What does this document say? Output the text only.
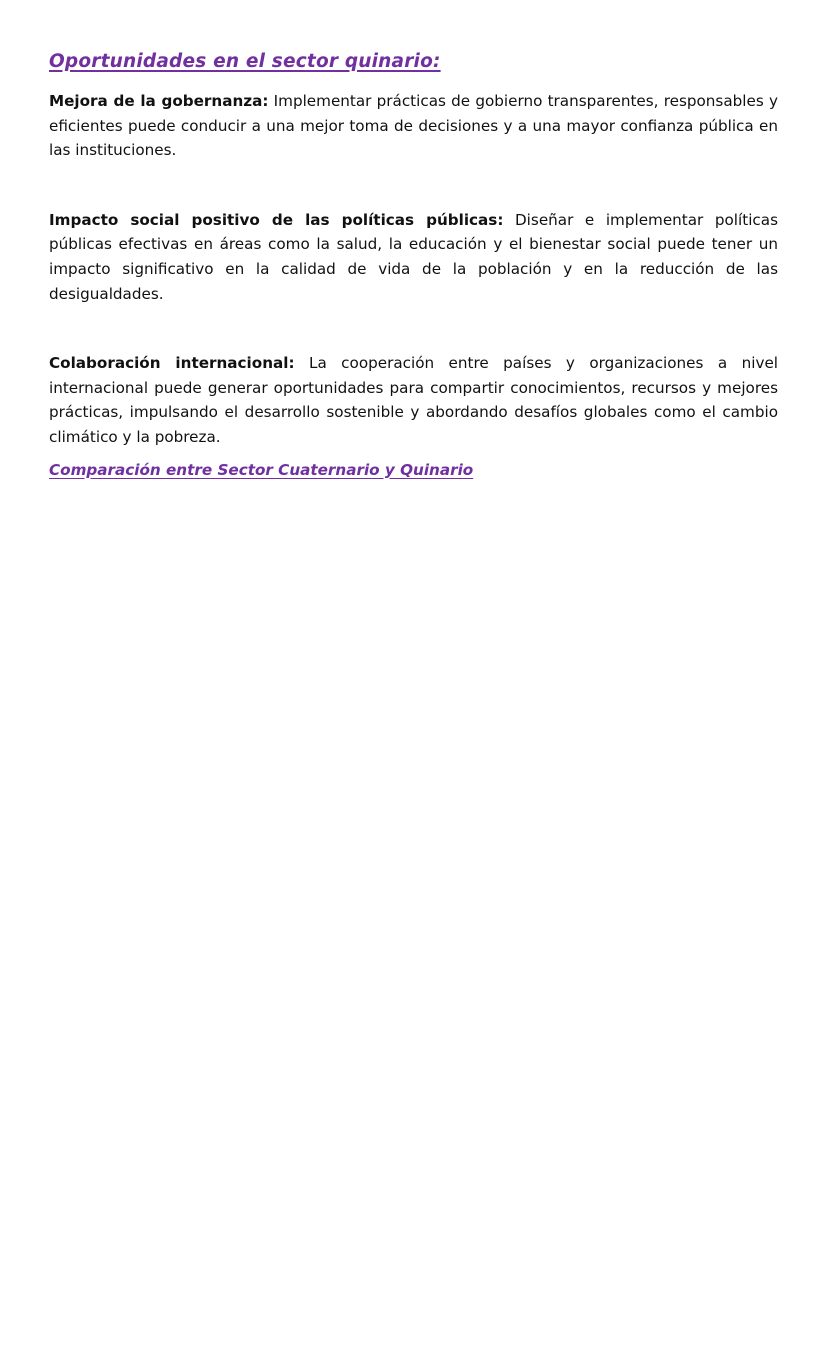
Oportunidades en el sector quinario:

Mejora de la gobernanza: Implementar prácticas de gobierno transparentes, responsables y eficientes puede conducir a una mejor toma de decisiones y a una mayor confianza pública en las instituciones.

Impacto social positivo de las políticas públicas: Diseñar e implementar políticas públicas efectivas en áreas como la salud, la educación y el bienestar social puede tener un impacto significativo en la calidad de vida de la población y en la reducción de las desigualdades.

Colaboración internacional: La cooperación entre países y organizaciones a nivel internacional puede generar oportunidades para compartir conocimientos, recursos y mejores prácticas, impulsando el desarrollo sostenible y abordando desafíos globales como el cambio climático y la pobreza.

Comparación entre Sector Cuaternario y Quinario
